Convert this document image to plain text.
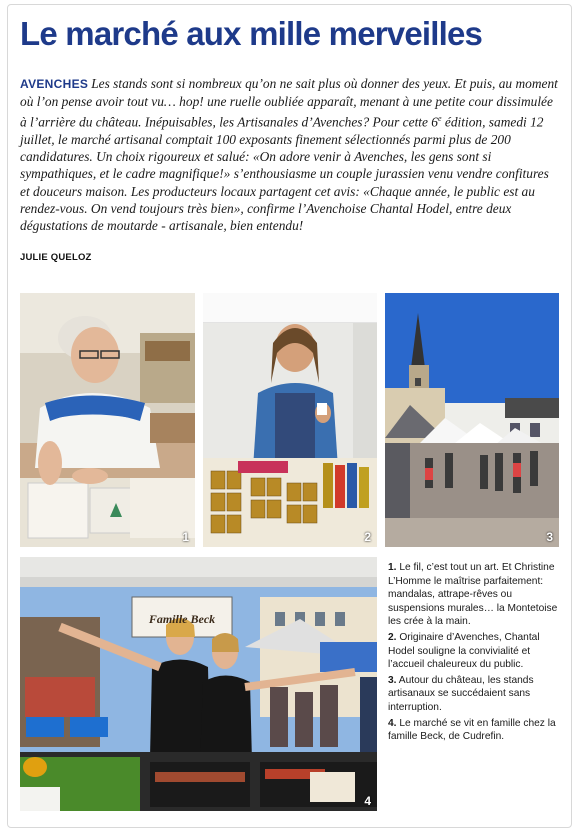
Le marché aux mille merveilles
AVENCHES Les stands sont si nombreux qu’on ne sait plus où donner des yeux. Et puis, au moment où l’on pense avoir tout vu… hop! une ruelle oubliée apparaît, menant à une petite cour dissimulée à l’arrière du château. Inépuisables, les Artisanales d’Avenches? Pour cette 6e édition, samedi 12 juillet, le marché artisanal comptait 100 exposants finement sélectionnés parmi plus de 200 candidatures. Un choix rigoureux et salué: «On adore venir à Avenches, les gens sont si sympathiques, et le cadre magnifique!» s’enthousiasme un couple jurassien venu vendre confitures et douceurs maison. Les producteurs locaux partagent cet avis: «Chaque année, le public est au rendez-vous. On vend toujours très bien», confirme l’Avenchoise Chantal Hodel, entre deux dégustations de moutarde - artisanale, bien entendu!
JULIE QUELOZ
1	2	3
Famille Beck
4

1. Le fil, c’est tout un art. Et Christine L’Homme le maîtrise parfaitement: mandalas, attrape-rêves ou suspensions murales… la Montetoise les crée à la main.

2. Originaire d’Avenches, Chantal Hodel souligne la convivialité et l’accueil chaleureux du public.

3. Autour du château, les stands artisanaux se succédaient sans interruption.

4. Le marché se vit en famille chez la famille Beck, de Cudrefin.
